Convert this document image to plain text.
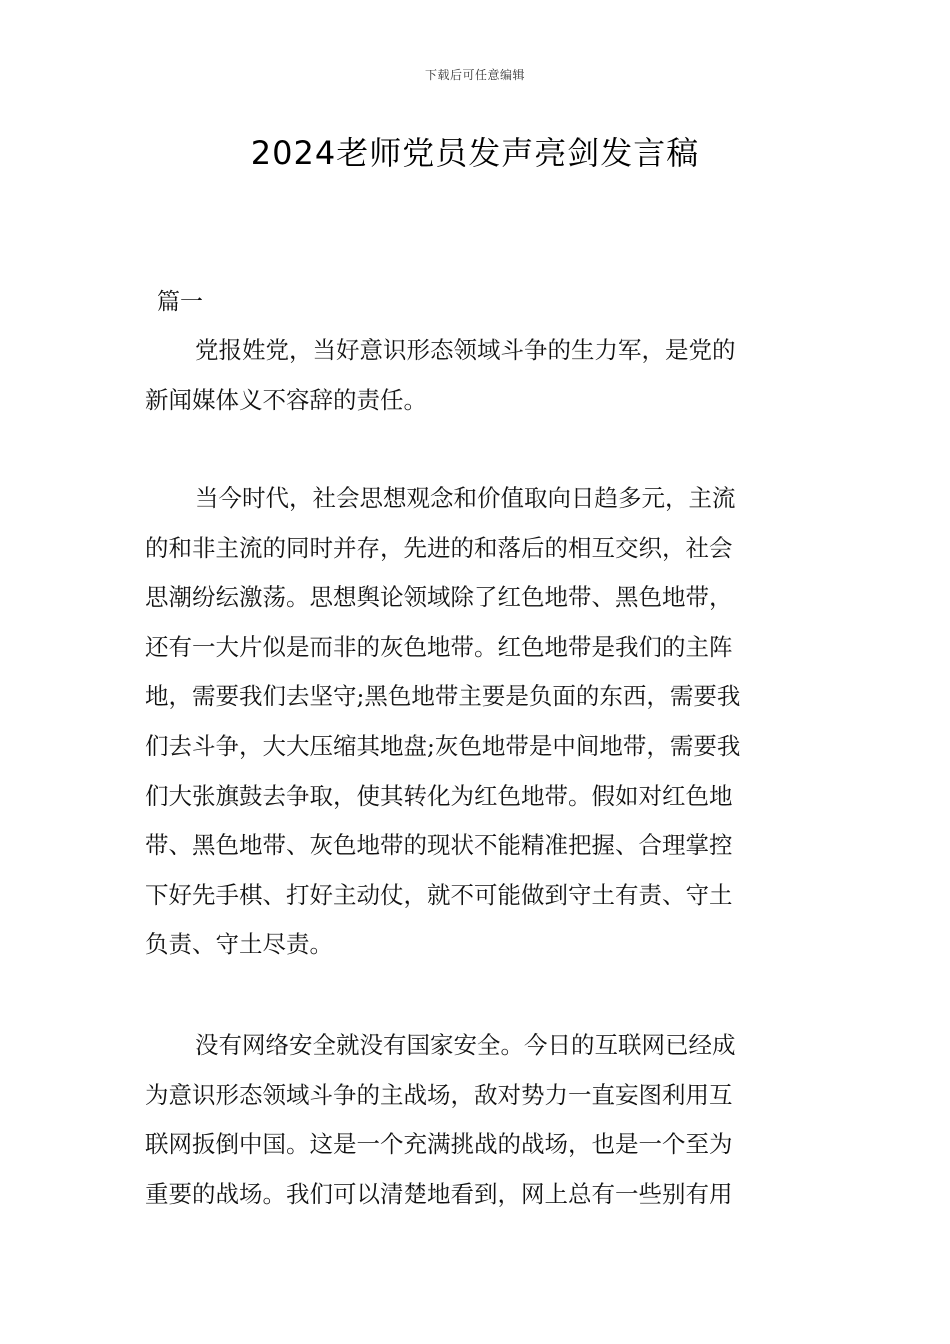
下载后可任意编辑
2024老师党员发声亮剑发言稿
篇一
党报姓党，当好意识形态领域斗争的生力军，是党的
新闻媒体义不容辞的责任。
当今时代，社会思想观念和价值取向日趋多元，主流
的和非主流的同时并存，先进的和落后的相互交织，社会
思潮纷纭激荡。思想舆论领域除了红色地带、黑色地带，
还有一大片似是而非的灰色地带。红色地带是我们的主阵
地，需要我们去坚守;黑色地带主要是负面的东西，需要我
们去斗争，大大压缩其地盘;灰色地带是中间地带，需要我
们大张旗鼓去争取，使其转化为红色地带。假如对红色地
带、黑色地带、灰色地带的现状不能精准把握、合理掌控
下好先手棋、打好主动仗，就不可能做到守土有责、守土
负责、守土尽责。
没有网络安全就没有国家安全。今日的互联网已经成
为意识形态领域斗争的主战场，敌对势力一直妄图利用互
联网扳倒中国。这是一个充满挑战的战场，也是一个至为
重要的战场。我们可以清楚地看到，网上总有一些别有用
